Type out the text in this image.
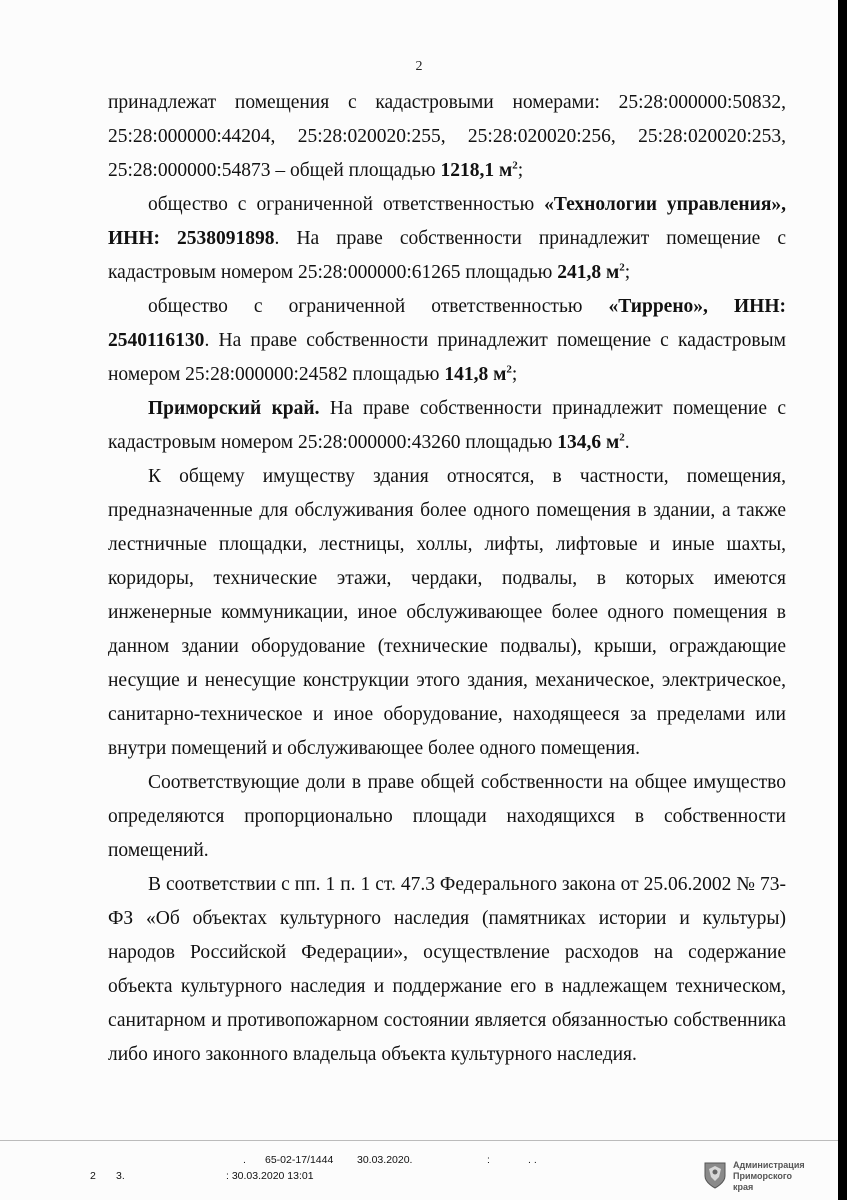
2

принадлежат помещения с кадастровыми номерами: 25:28:000000:50832, 25:28:000000:44204, 25:28:020020:255, 25:28:020020:256, 25:28:020020:253, 25:28:000000:54873 – общей площадью 1218,1 $м^2$;

общество с ограниченной ответственностью «Технологии управления», ИНН: 2538091898. На праве собственности принадлежит помещение с кадастровым номером 25:28:000000:61265 площадью 241,8 $м^2$;

общество с ограниченной ответственностью «Тиррено», ИНН: 2540116130. На праве собственности принадлежит помещение с кадастровым номером 25:28:000000:24582 площадью 141,8 $м^2$;

Приморский край. На праве собственности принадлежит помещение с кадастровым номером 25:28:000000:43260 площадью 134,6 $м^2$.

К общему имуществу здания относятся, в частности, помещения, предназначенные для обслуживания более одного помещения в здании, а также лестничные площадки, лестницы, холлы, лифты, лифтовые и иные шахты, коридоры, технические этажи, чердаки, подвалы, в которых имеются инженерные коммуникации, иное обслуживающее более одного помещения в данном здании оборудование (технические подвалы), крыши, ограждающие несущие и ненесущие конструкции этого здания, механическое, электрическое, санитарно-техническое и иное оборудование, находящееся за пределами или внутри помещений и обслуживающее более одного помещения.

Соответствующие доли в праве общей собственности на общее имущество определяются пропорционально площади находящихся в собственности помещений.

В соответствии с пп. 1 п. 1 ст. 47.3 Федерального закона от 25.06.2002 № 73-ФЗ «Об объектах культурного наследия (памятниках истории и культуры) народов Российской Федерации», осуществление расходов на содержание объекта культурного наследия и поддержание его в надлежащем техническом, санитарном и противопожарном состоянии является обязанностью собственника либо иного законного владельца объекта культурного наследия.

. 65-02-17/1444 30.03.2020.	:	. .
2 3.	: 30.03.2020 13:01
Администрация
Приморского края
